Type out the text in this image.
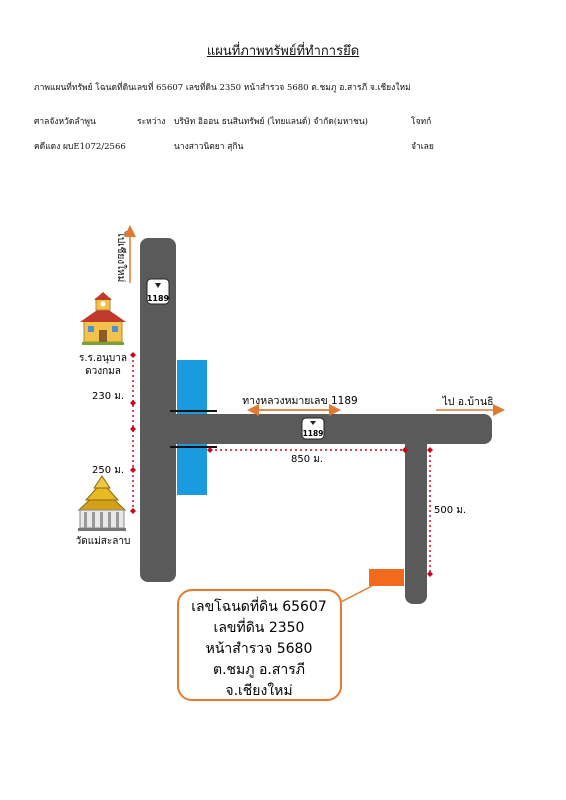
แผนที่ภาพทรัพย์ที่ทำการยึด
ภาพแผนที่ทรัพย์ โฉนดที่ดินเลขที่ 65607 เลขที่ดิน 2350 หน้าสำรวจ 5680 ต.ชมภู อ.สารภี จ.เชียงใหม่
ศาลจังหวัดลำพูน	ระหว่าง บริษัท อิออน ธนสินทรัพย์ (ไทยแลนด์) จำกัด(มหาชน)	โจทก์
คดีแดง ผบE1072/2566	นางสาวนิตยา สุกิน	จำเลย
1189
1189
ทางหลวงหมายเลข 1189	ไป อ.บ้านธิ
ไปเชียงใหม่
230 ม.
250 ม.
850 ม.
500 ม.
ร.ร.อนุบาล
ดวงกมล
วัดแม่สะลาบ
เลขโฉนดที่ดิน 65607
เลขที่ดิน 2350
หน้าสำรวจ 5680
ต.ชมภู อ.สารภี
จ.เชียงใหม่
